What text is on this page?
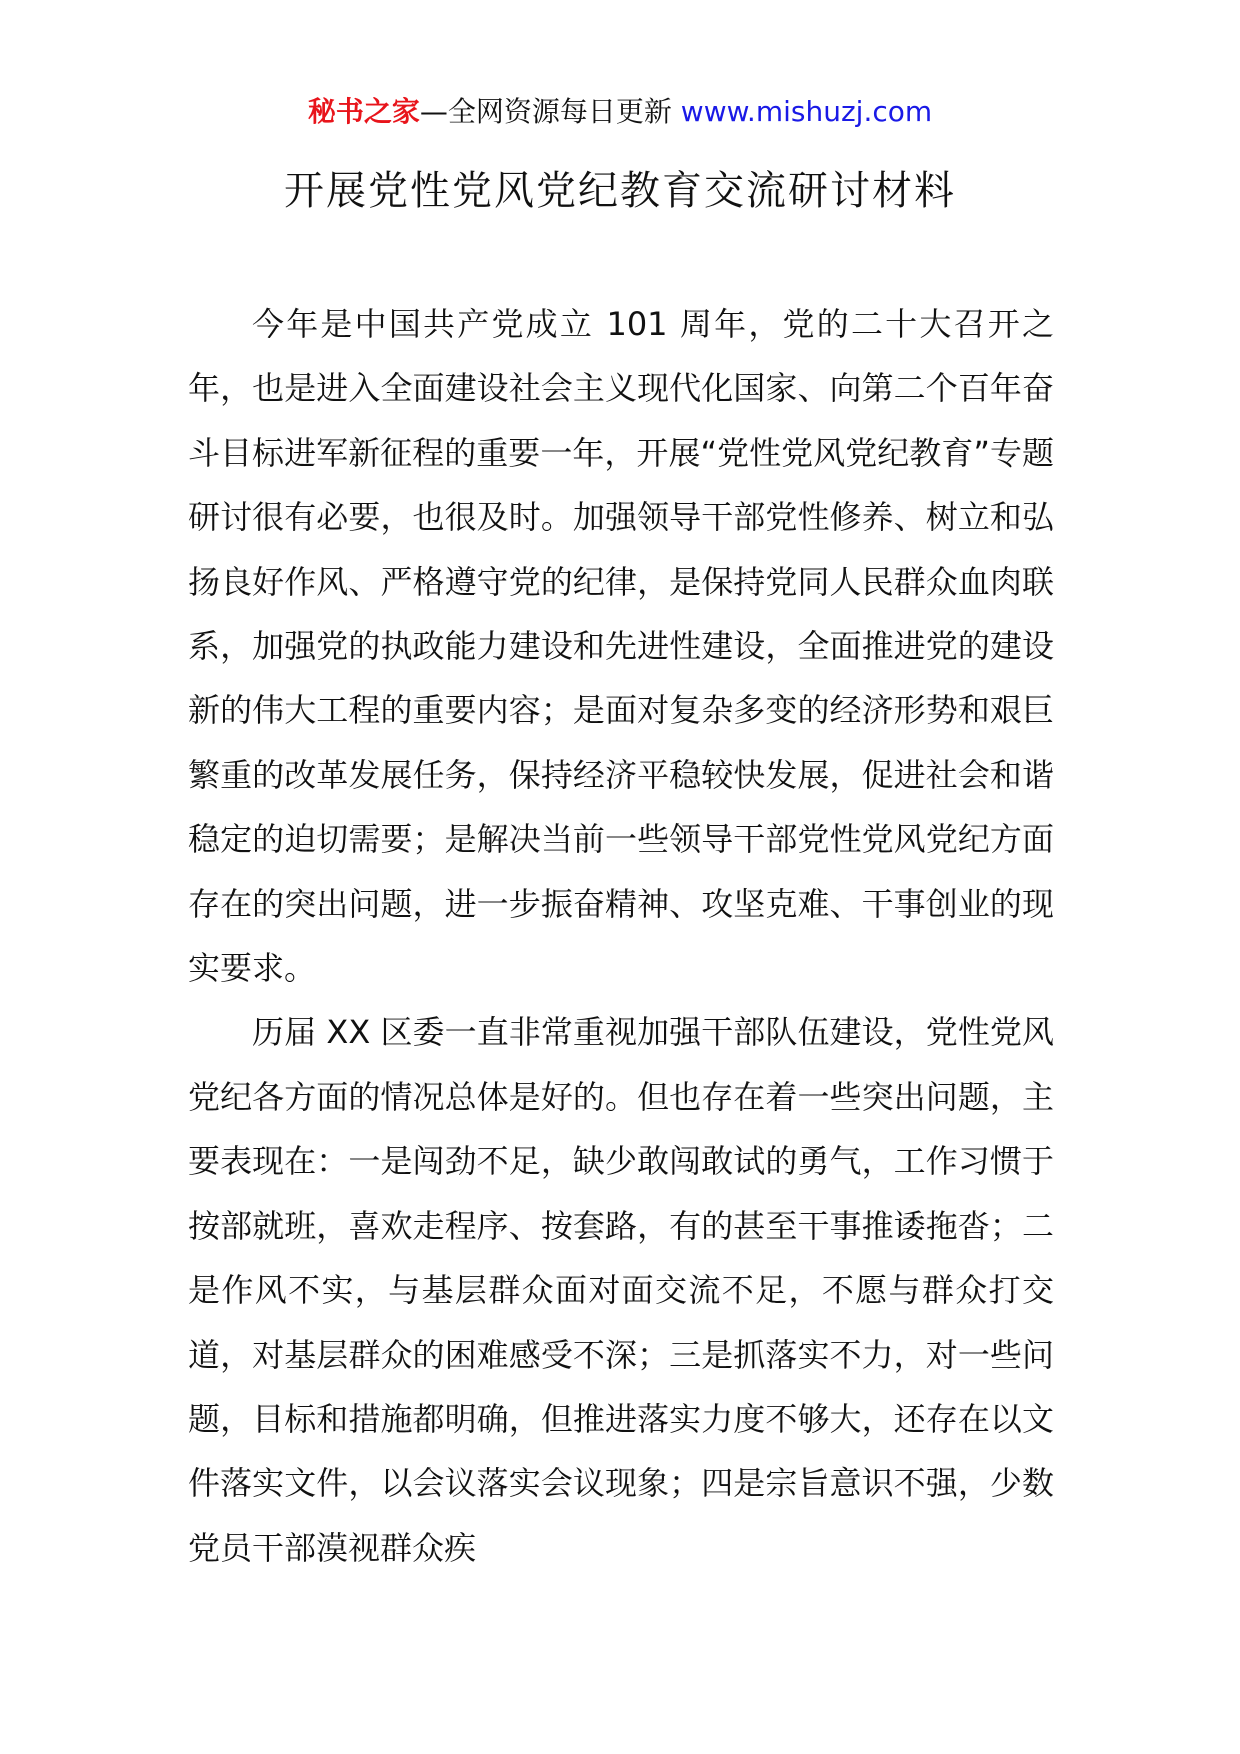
秘书之家—全网资源每日更新 www.mishuzj.com
开展党性党风党纪教育交流研讨材料

今年是中国共产党成立 101 周年，党的二十大召开之年，也是进入全面建设社会主义现代化国家、向第二个百年奋斗目标进军新征程的重要一年，开展“党性党风党纪教育”专题研讨很有必要，也很及时。加强领导干部党性修养、树立和弘扬良好作风、严格遵守党的纪律，是保持党同人民群众血肉联系，加强党的执政能力建设和先进性建设，全面推进党的建设新的伟大工程的重要内容；是面对复杂多变的经济形势和艰巨繁重的改革发展任务，保持经济平稳较快发展，促进社会和谐稳定的迫切需要；是解决当前一些领导干部党性党风党纪方面存在的突出问题，进一步振奋精神、攻坚克难、干事创业的现实要求。

历届 XX 区委一直非常重视加强干部队伍建设，党性党风党纪各方面的情况总体是好的。但也存在着一些突出问题，主要表现在：一是闯劲不足，缺少敢闯敢试的勇气，工作习惯于按部就班，喜欢走程序、按套路，有的甚至干事推诿拖沓；二是作风不实，与基层群众面对面交流不足，不愿与群众打交道，对基层群众的困难感受不深；三是抓落实不力，对一些问题，目标和措施都明确，但推进落实力度不够大，还存在以文件落实文件，以会议落实会议现象；四是宗旨意识不强，少数党员干部漠视群众疾
